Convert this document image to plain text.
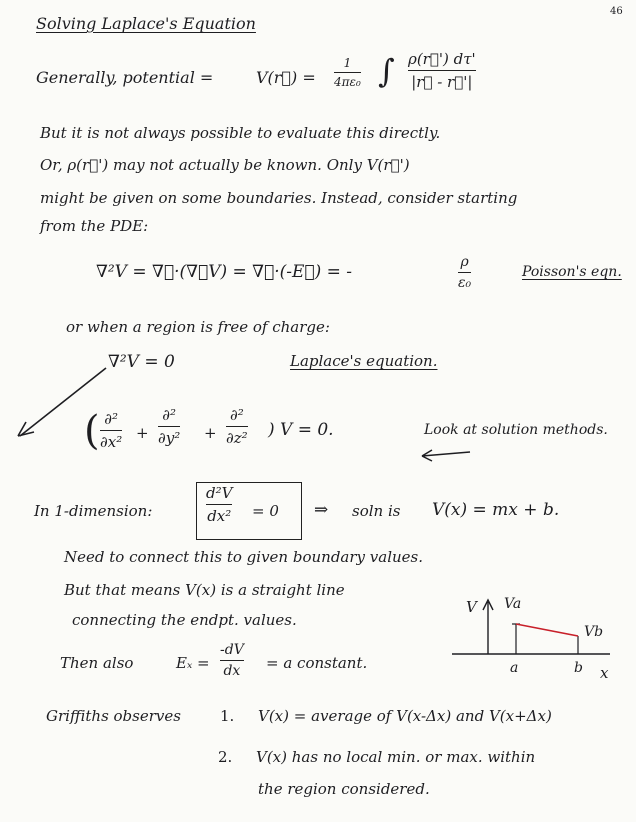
46
Solving Laplace's Equation
Generally, potential =	V(r⃗) =
1
4πε₀ ∫ ρ(r⃗') dτ'
|r⃗ - r⃗'|
But it is not always possible to evaluate this directly.
Or, ρ(r⃗') may not actually be known. Only V(r⃗')
might be given on some boundaries. Instead, consider starting
from the PDE:
∇²V = ∇⃗·(∇⃗V) = ∇⃗·(-E⃗) = -	ρ
ε₀
Poisson's eqn.
or when a region is free of charge:
∇²V = 0	Laplace's equation.
( ∂²
∂x² +
∂²
∂y² +
∂²
∂z² ) V = 0.	Look at solution methods.
In 1-dimension:
d²V
dx² = 0 ⇒ soln is V(x) = mx + b.
Need to connect this to given boundary values.
But that means V(x) is a straight line
connecting the endpt. values.
Then also	Eₓ =
-dV
dx = a constant.
V Va
Vb
a	b x
Griffiths observes	1. V(x) = average of V(x-Δx) and V(x+Δx)
2. V(x) has no local min. or max. within
the region considered.
